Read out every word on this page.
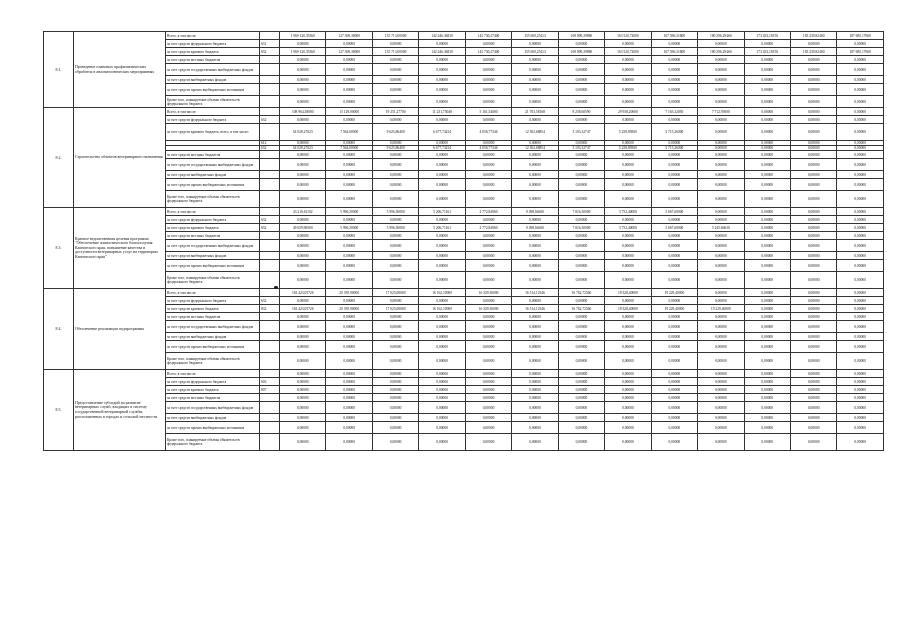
8.1.	Проведение плановых профилактических обработок в анаэпизоотических мероприятиях	Всего, в том числе:		1 969 120,35360	127 308,38000	135 713,00000	142 446,36810	145 730,27400	155 600,25413	169 809,29880	163 520,72000	167 596,31800	180 296,29460	173 453,18150	183 239,82400	187 685,17600
		за счет средств федерального бюджета	631	0,00000	0,00000	0,00000	0,00000	0,00000	0,00000	0,00000	0,00000	0,00000	0,00000	0,00000	0,00000	0,00000
		за счет средств краевого бюджета	832	1 969 120,35360	127 308,38000	135 713,00000	142 446,36810	145 730,27400	155 600,25413	169 809,29880	163 520,72000	167 596,31800	180 296,29460	173 453,18150	183 239,82400	187 685,17600
		за счет средств местных бюджетов		0,00000	0,00000	0,00000	0,00000	0,00000	0,00000	0,00000	0,00000	0,00000	0,00000	0,00000	0,00000	0,00000
		за счет средств государственных внебюджетных фондов		0,00000	0,00000	0,00000	0,00000	0,00000	0,00000	0,00000	0,00000	0,00000	0,00000	0,00000	0,00000	0,00000
		за счет средств внебюджетных фондов		0,00000	0,00000	0,00000	0,00000	0,00000	0,00000	0,00000	0,00000	0,00000	0,00000	0,00000	0,00000	0,00000
		за счет средств прочих внебюджетных источников		0,00000	0,00000	0,00000	0,00000	0,00000	0,00000	0,00000	0,00000	0,00000	0,00000	0,00000	0,00000	0,00000
		Кроме того, планируемые объемы обязательств федерального бюджета		0,00000	0,00000	0,00000	0,00000	0,00000	0,00000	0,00000	0,00000	0,00000	0,00000	0,00000	0,00000	0,00000
8.2.	Строительство объектов ветеринарного назначения	Всего, в том числе:		108 964,38000	15 129,00000	19 251,27700	11 231,75048	5 161,54000	21 703,58168	8 258,60590	29 938,20000	7 163,32050	7 712,95000	0,00000	0,00000	0,00000
		за счет средств федерального бюджета	632	0,00000	0,00000	0,00000	0,00000	0,00000	0,00000	0,00000	0,00000	0,00000	0,00000	0,00000	0,00000	0,00000
		за счет средств краевого бюджета, всего, в том числе:		54 028,27023	7 564,00000	9 625,86400	6 677,74254	4 056,77346	12 302,68854	3 103,32747	5 258,89500	3 715,26000	0,00000	0,00000	0,00000	0,00000
			612	0,00000	0,00000	0,00000	0,00000	0,00000	0,00000	0,00000	0,00000	0,00000	0,00000	0,00000	0,00000	0,00000
			632	54 028,27023	7 564,00000	9 625,86400	6 677,74254	4 056,77346	12 302,68854	3 103,32747	5 258,89500	3 715,26000	0,00000	0,00000	0,00000	0,00000
		за счет средств местных бюджетов		0,00000	0,00000	0,00000	0,00000	0,00000	0,00000	0,00000	0,00000	0,00000	0,00000	0,00000	0,00000	0,00000
		за счет средств государственных внебюджетных фондов		0,00000	0,00000	0,00000	0,00000	0,00000	0,00000	0,00000	0,00000	0,00000	0,00000	0,00000	0,00000	0,00000
		за счет средств внебюджетных фондов		0,00000	0,00000	0,00000	0,00000	0,00000	0,00000	0,00000	0,00000	0,00000	0,00000	0,00000	0,00000	0,00000
		за счет средств прочих внебюджетных источников		0,00000	0,00000	0,00000	0,00000	0,00000	0,00000	0,00000	0,00000	0,00000	0,00000	0,00000	0,00000	0,00000
		Кроме того, планируемые объемы обязательств федерального бюджета		0,00000	0,00000	0,00000	0,00000	0,00000	0,00000	0,00000	0,00000	0,00000	0,00000	0,00000	0,00000	0,00000
8.3.	Краевое ведомственная целевая программа "Обеспечение эпизоотического благополучия Камчатского края, повышение качества и доступности ветеринарных услуг на территории Камчатского края"	Всего, в том числе:		43 216,61102	5 996,30000	5 996,30000	5 206,71161	2 772,84960	9 498,66650	7 816,30000	3 752,40000	5 667,60000	0,00000	0,00000	0,00000	0,00000
		за счет средств федерального бюджета	632	0,00000	0,00000	0,00000	0,00000	0,00000	0,00000	0,00000	0,00000	0,00000	0,00000	0,00000	0,00000	0,00000
		за счет средств краевого бюджета	832	49 659,90000	5 996,30000	5 996,30000	5 206,71161	2 772,84960	9 498,66650	7 816,30000	3 752,40000	5 667,60000	5 245,66630	0,00000	0,00000	0,00000
		за счет средств местных бюджетов		0,00000	0,00000	0,00000	0,00000	0,00000	0,00000	0,00000	0,00000	0,00000	0,00000	0,00000	0,00000	0,00000
		за счет средств государственных внебюджетных фондов		0,00000	0,00000	0,00000	0,00000	0,00000	0,00000	0,00000	0,00000	0,00000	0,00000	0,00000	0,00000	0,00000
		за счет средств внебюджетных фондов		0,00000	0,00000	0,00000	0,00000	0,00000	0,00000	0,00000	0,00000	0,00000	0,00000	0,00000	0,00000	0,00000
		за счет средств прочих внебюджетных источников		0,00000	0,00000	0,00000	0,00000	0,00000	0,00000	0,00000	0,00000	0,00000	0,00000	0,00000	0,00000	0,00000
		Кроме того, планируемые объемы обязательств федерального бюджета		0,00000	0,00000	0,00000	0,00000	0,00000	0,00000	0,00000	0,00000	0,00000	0,00000	0,00000	0,00000	0,00000
8.4.	Обеспечение реализации подпрограммы	Всего, в том числе:		163 423,05726	20 395,90000	17 025,00000	16 162,10000	16 329,30000	16 514,12546	16 762,72560	18 328,40000	19 229,40000	0,00000	0,00000	0,00000	0,00000
		за счет средств федерального бюджета	632	0,00000	0,00000	0,00000	0,00000	0,00000	0,00000	0,00000	0,00000	0,00000	0,00000	0,00000	0,00000	0,00000
		за счет средств краевого бюджета	832	163 423,05726	20 395,90000	17 025,00000	16 162,10000	16 329,30000	16 514,12546	16 762,72560	18 328,40000	19 229,40000	19 229,40000	0,00000	0,00000	0,00000
		за счет средств местных бюджетов		0,00000	0,00000	0,00000	0,00000	0,00000	0,00000	0,00000	0,00000	0,00000	0,00000	0,00000	0,00000	0,00000
		за счет средств государственных внебюджетных фондов		0,00000	0,00000	0,00000	0,00000	0,00000	0,00000	0,00000	0,00000	0,00000	0,00000	0,00000	0,00000	0,00000
		за счет средств внебюджетных фондов		0,00000	0,00000	0,00000	0,00000	0,00000	0,00000	0,00000	0,00000	0,00000	0,00000	0,00000	0,00000	0,00000
		за счет средств прочих внебюджетных источников		0,00000	0,00000	0,00000	0,00000	0,00000	0,00000	0,00000	0,00000	0,00000	0,00000	0,00000	0,00000	0,00000
		Кроме того, планируемые объемы обязательств федерального бюджета		0,00000	0,00000	0,00000	0,00000	0,00000	0,00000	0,00000	0,00000	0,00000	0,00000	0,00000	0,00000	0,00000
8.5.	Предоставление субсидий на развитие ветеринарных служб, входящих в систему государственной ветеринарной службы, расположенных в городах и сельской местности	Всего, в том числе:		0,00000	0,00000	0,00000	0,00000	0,00000	0,00000	0,00000	0,00000	0,00000	0,00000	0,00000	0,00000	0,00000
		за счет средств федерального бюджета	603	0,00000	0,00000	0,00000	0,00000	0,00000	0,00000	0,00000	0,00000	0,00000	0,00000	0,00000	0,00000	0,00000
		за счет средств краевого бюджета	807	0,00000	0,00000	0,00000	0,00000	0,00000	0,00000	0,00000	0,00000	0,00000	0,00000	0,00000	0,00000	0,00000
		за счет средств местных бюджетов		0,00000	0,00000	0,00000	0,00000	0,00000	0,00000	0,00000	0,00000	0,00000	0,00000	0,00000	0,00000	0,00000
		за счет средств государственных внебюджетных фондов		0,00000	0,00000	0,00000	0,00000	0,00000	0,00000	0,00000	0,00000	0,00000	0,00000	0,00000	0,00000	0,00000
		за счет средств внебюджетных фондов		0,00000	0,00000	0,00000	0,00000	0,00000	0,00000	0,00000	0,00000	0,00000	0,00000	0,00000	0,00000	0,00000
		за счет средств прочих внебюджетных источников		0,00000	0,00000	0,00000	0,00000	0,00000	0,00000	0,00000	0,00000	0,00000	0,00000	0,00000	0,00000	0,00000
		Кроме того, планируемые объемы обязательств федерального бюджета		0,00000	0,00000	0,00000	0,00000	0,00000	0,00000	0,00000	0,00000	0,00000	0,00000	0,00000	0,00000	0,00000
